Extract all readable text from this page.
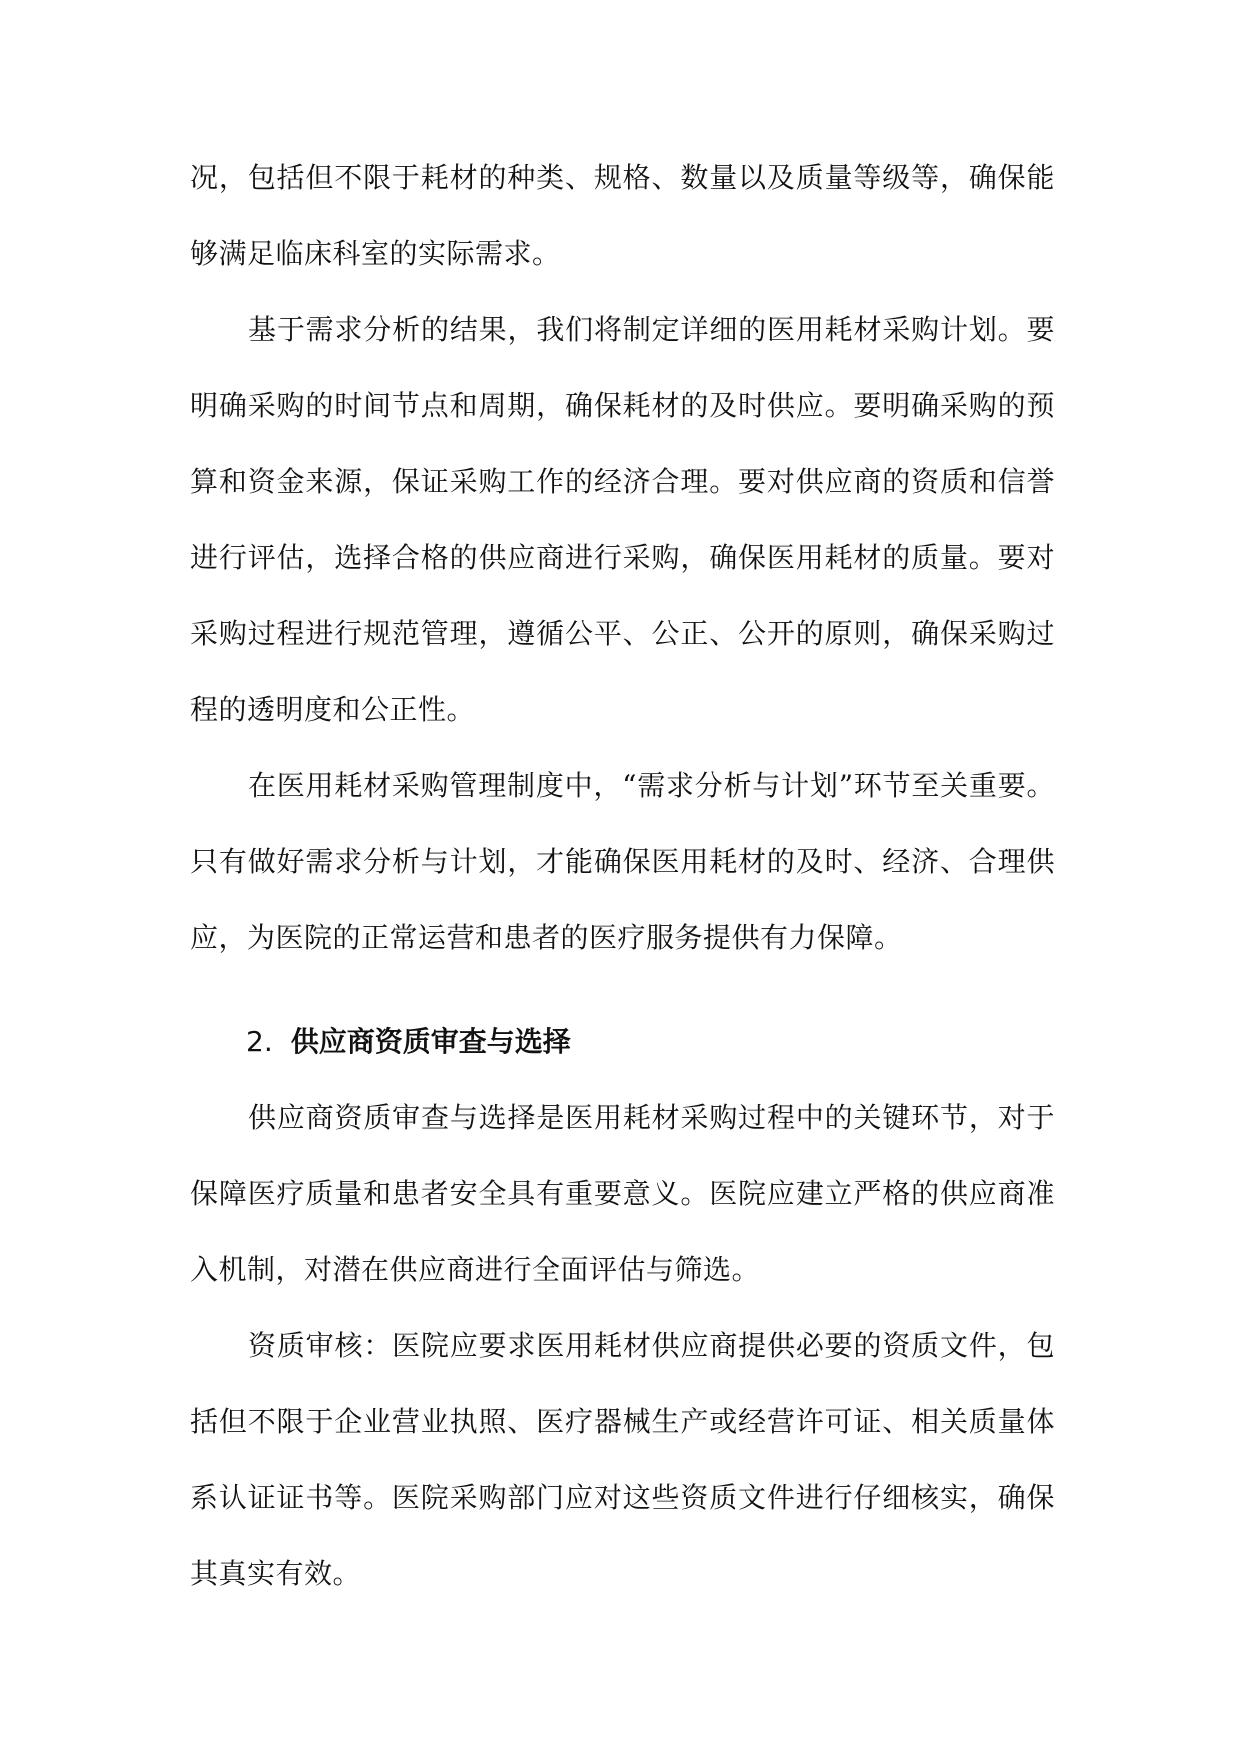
况，包括但不限于耗材的种类、规格、数量以及质量等级等，确保能够满足临床科室的实际需求。

基于需求分析的结果，我们将制定详细的医用耗材采购计划。要明确采购的时间节点和周期，确保耗材的及时供应。要明确采购的预算和资金来源，保证采购工作的经济合理。要对供应商的资质和信誉进行评估，选择合格的供应商进行采购，确保医用耗材的质量。要对采购过程进行规范管理，遵循公平、公正、公开的原则，确保采购过程的透明度和公正性。

在医用耗材采购管理制度中，“需求分析与计划”环节至关重要。只有做好需求分析与计划，才能确保医用耗材的及时、经济、合理供应，为医院的正常运营和患者的医疗服务提供有力保障。

2. 供应商资质审查与选择

供应商资质审查与选择是医用耗材采购过程中的关键环节，对于保障医疗质量和患者安全具有重要意义。医院应建立严格的供应商准入机制，对潜在供应商进行全面评估与筛选。

资质审核：医院应要求医用耗材供应商提供必要的资质文件，包括但不限于企业营业执照、医疗器械生产或经营许可证、相关质量体系认证证书等。医院采购部门应对这些资质文件进行仔细核实，确保其真实有效。
